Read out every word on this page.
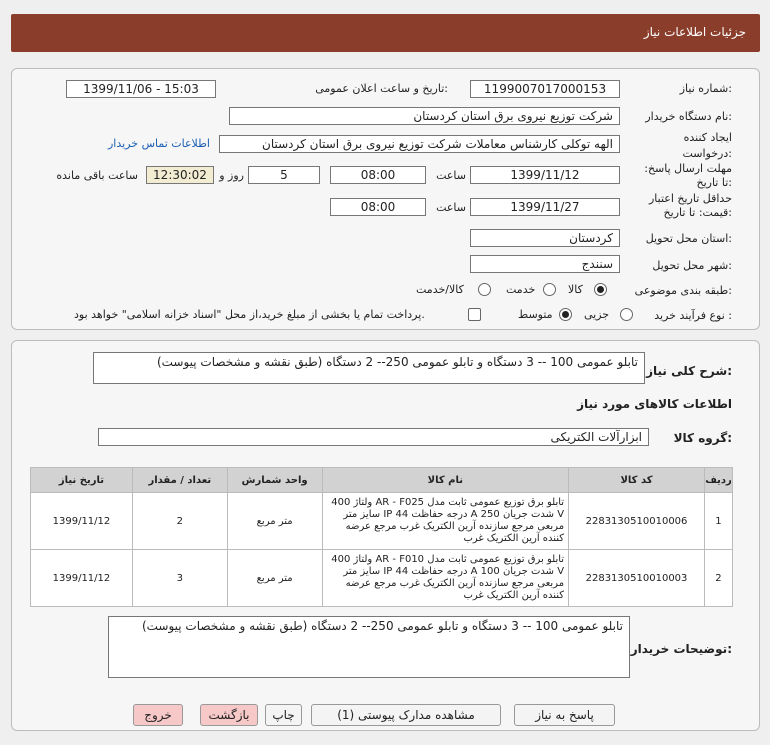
جزئیات اطلاعات نیاز
شماره نیاز:
1199007017000153
تاریخ و ساعت اعلان عمومی:
1399/11/06 - 15:03
نام دستگاه خریدار:
شرکت توزیع نیروی برق استان کردستان
ایجاد کننده درخواست:
الهه توکلی کارشناس معاملات شرکت توزیع نیروی برق استان کردستان
اطلاعات تماس خریدار
مهلت ارسال پاسخ: تا تاریخ:
1399/11/12
ساعت
08:00
5
روز و
12:30:02
ساعت باقی مانده
حداقل تاریخ اعتبار قیمت: تا تاریخ:
1399/11/27
ساعت
08:00
استان محل تحویل:
کردستان
شهر محل تحویل:
سنندج
طبقه بندی موضوعی:
کالا
خدمت
کالا/خدمت
نوع فرآیند خرید :
جزیی
متوسط
پرداخت تمام یا بخشی از مبلغ خرید،از محل "اسناد خزانه اسلامی" خواهد بود.
شرح کلی نیاز:
تابلو عمومی 100 -- 3 دستگاه و تابلو عمومی 250-- 2 دستگاه (طبق نقشه و مشخصات پیوست)
اطلاعات کالاهای مورد نیاز
گروه کالا:
ابزارآلات الکتریکی
تاریخ نیاز	تعداد / مقدار	واحد شمارش	نام کالا	کد کالا	ردیف
1399/11/12	2	متر مربع	تابلو برق توزیع عمومی ثابت مدل AR - F025 ولتاژ 400 V شدت جریان A 250 درجه حفاظت IP 44 سایز متر مربعی مرجع سازنده آرین الکتریک غرب مرجع عرضه کننده آرین الکتریک غرب	2283130510010006	1
1399/11/12	3	متر مربع	تابلو برق توزیع عمومی ثابت مدل AR - F010 ولتاژ 400 V شدت جریان A 100 درجه حفاظت IP 44 سایز متر مربعی مرجع سازنده آرین الکتریک غرب مرجع عرضه کننده آرین الکتریک غرب	2283130510010003	2
توضیحات خریدار:
تابلو عمومی 100 -- 3 دستگاه و تابلو عمومی 250-- 2 دستگاه (طبق نقشه و مشخصات پیوست)
پاسخ به نیاز
مشاهده مدارک پیوستی (1)
چاپ
بازگشت
خروج
